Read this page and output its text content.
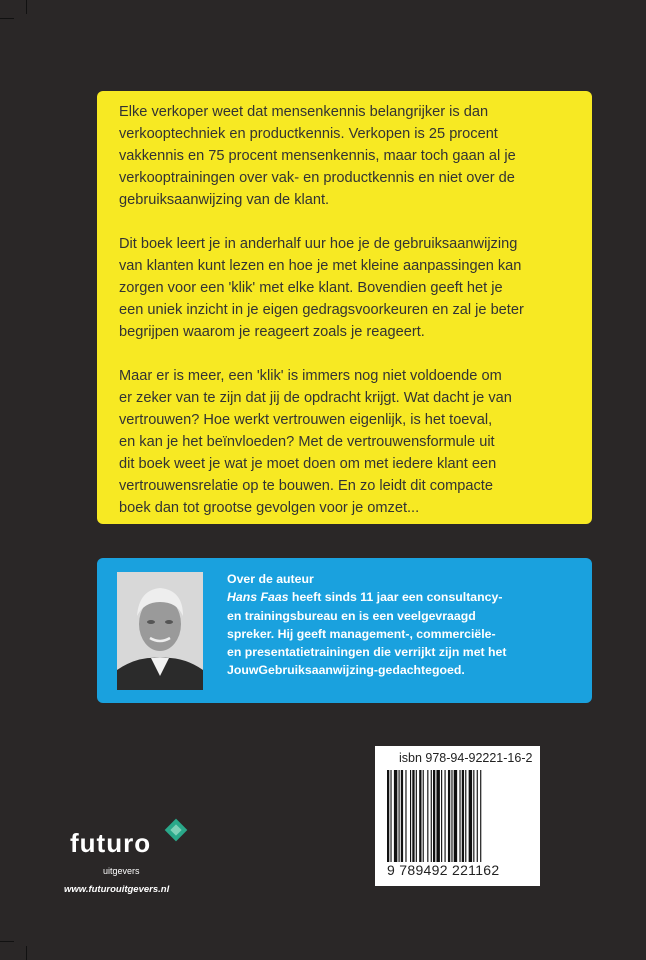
Elke verkoper weet dat mensenkennis belangrijker is dan
verkooptechniek en productkennis. Verkopen is 25 procent
vakkennis en 75 procent mensenkennis, maar toch gaan al je
verkooptrainingen over vak- en productkennis en niet over de
gebruiksaanwijzing van de klant.

Dit boek leert je in anderhalf uur hoe je de gebruiksaanwijzing
van klanten kunt lezen en hoe je met kleine aanpassingen kan
zorgen voor een 'klik' met elke klant. Bovendien geeft het je
een uniek inzicht in je eigen gedragsvoorkeuren en zal je beter
begrijpen waarom je reageert zoals je reageert.

Maar er is meer, een 'klik' is immers nog niet voldoende om
er zeker van te zijn dat jij de opdracht krijgt. Wat dacht je van
vertrouwen? Hoe werkt vertrouwen eigenlijk, is het toeval,
en kan je het beïnvloeden? Met de vertrouwensformule uit
dit boek weet je wat je moet doen om met iedere klant een
vertrouwensrelatie op te bouwen. En zo leidt dit compacte
boek dan tot grootse gevolgen voor je omzet...

Over de auteur
Hans Faas heeft sinds 11 jaar een consultancy-
en trainingsbureau en is een veelgevraagd
spreker. Hij geeft management-, commerciële-
en presentatietrainingen die verrijkt zijn met het
JouwGebruiksaanwijzing-gedachtegoed.
isbn 978-94-92221-16-2
9 789492 221162
futuro
uitgevers
www.futurouitgevers.nl
